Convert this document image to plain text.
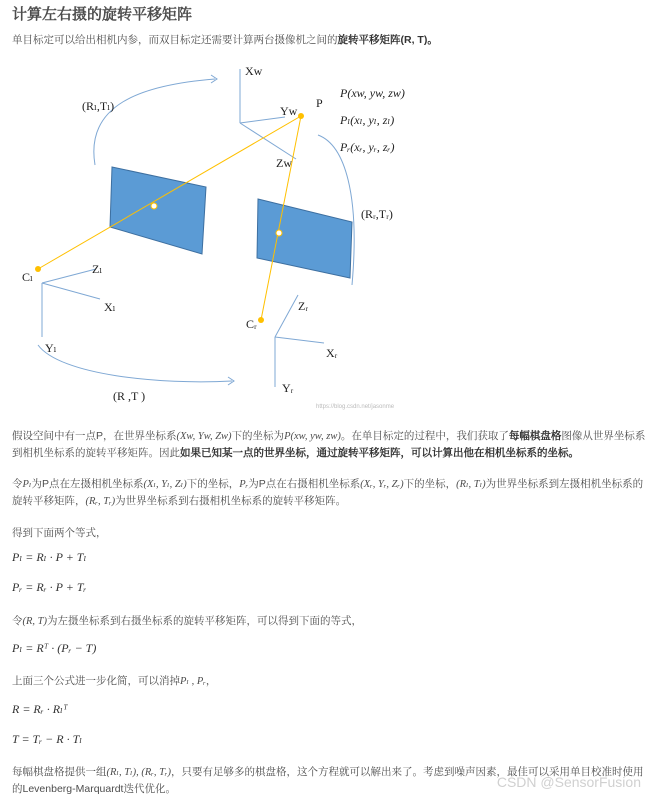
计算左右摄的旋转平移矩阵
单目标定可以给出相机内参，而双目标定还需要计算两台摄像机之间的旋转平移矩阵(R, T)。
(Rₗ,Tₗ)
(Rᵣ,Tᵣ)
(R ,T )
Xw
Yw
Zw
P
Cₗ
Cᵣ
Zₗ
Xₗ
Yₗ
Zᵣ
Xᵣ
Yᵣ
https://blog.csdn.net/jasonme
P(xw, yw, zw)
Pₗ(xₗ, yₗ, zₗ)
Pᵣ(xᵣ, yᵣ, zᵣ)
假设空间中有一点P，在世界坐标系(Xw, Yw, Zw)下的坐标为P(xw, yw, zw)。在单目标定的过程中，我们获取了每幅棋盘格图像从世界坐标系到相机坐标系的旋转平移矩阵。因此如果已知某一点的世界坐标，通过旋转平移矩阵，可以计算出他在相机坐标系的坐标。
令Pₗ为P点在左摄相机坐标系(Xₗ, Yₗ, Zₗ)下的坐标，Pᵣ为P点在右摄相机坐标系(Xᵣ, Yᵣ, Zᵣ)下的坐标，(Rₗ, Tₗ)为世界坐标系到左摄相机坐标系的旋转平移矩阵，(Rᵣ, Tᵣ)为世界坐标系到右摄相机坐标系的旋转平移矩阵。
得到下面两个等式，
Pₗ = Rₗ · P + Tₗ
Pᵣ = Rᵣ · P + Tᵣ
令(R, T)为左摄坐标系到右摄坐标系的旋转平移矩阵，可以得到下面的等式，
Pₗ = Rᵀ · (Pᵣ − T)
上面三个公式进一步化简，可以消掉Pₗ , Pᵣ，
R = Rᵣ · Rₗᵀ
T = Tᵣ − R · Tₗ
每幅棋盘格提供一组(Rₗ, Tₗ), (Rᵣ, Tᵣ)，只要有足够多的棋盘格，这个方程就可以解出来了。考虑到噪声因素，最佳可以采用单目校准时使用的Levenberg-Marquardt迭代优化。	CSDN @SensorFusion
